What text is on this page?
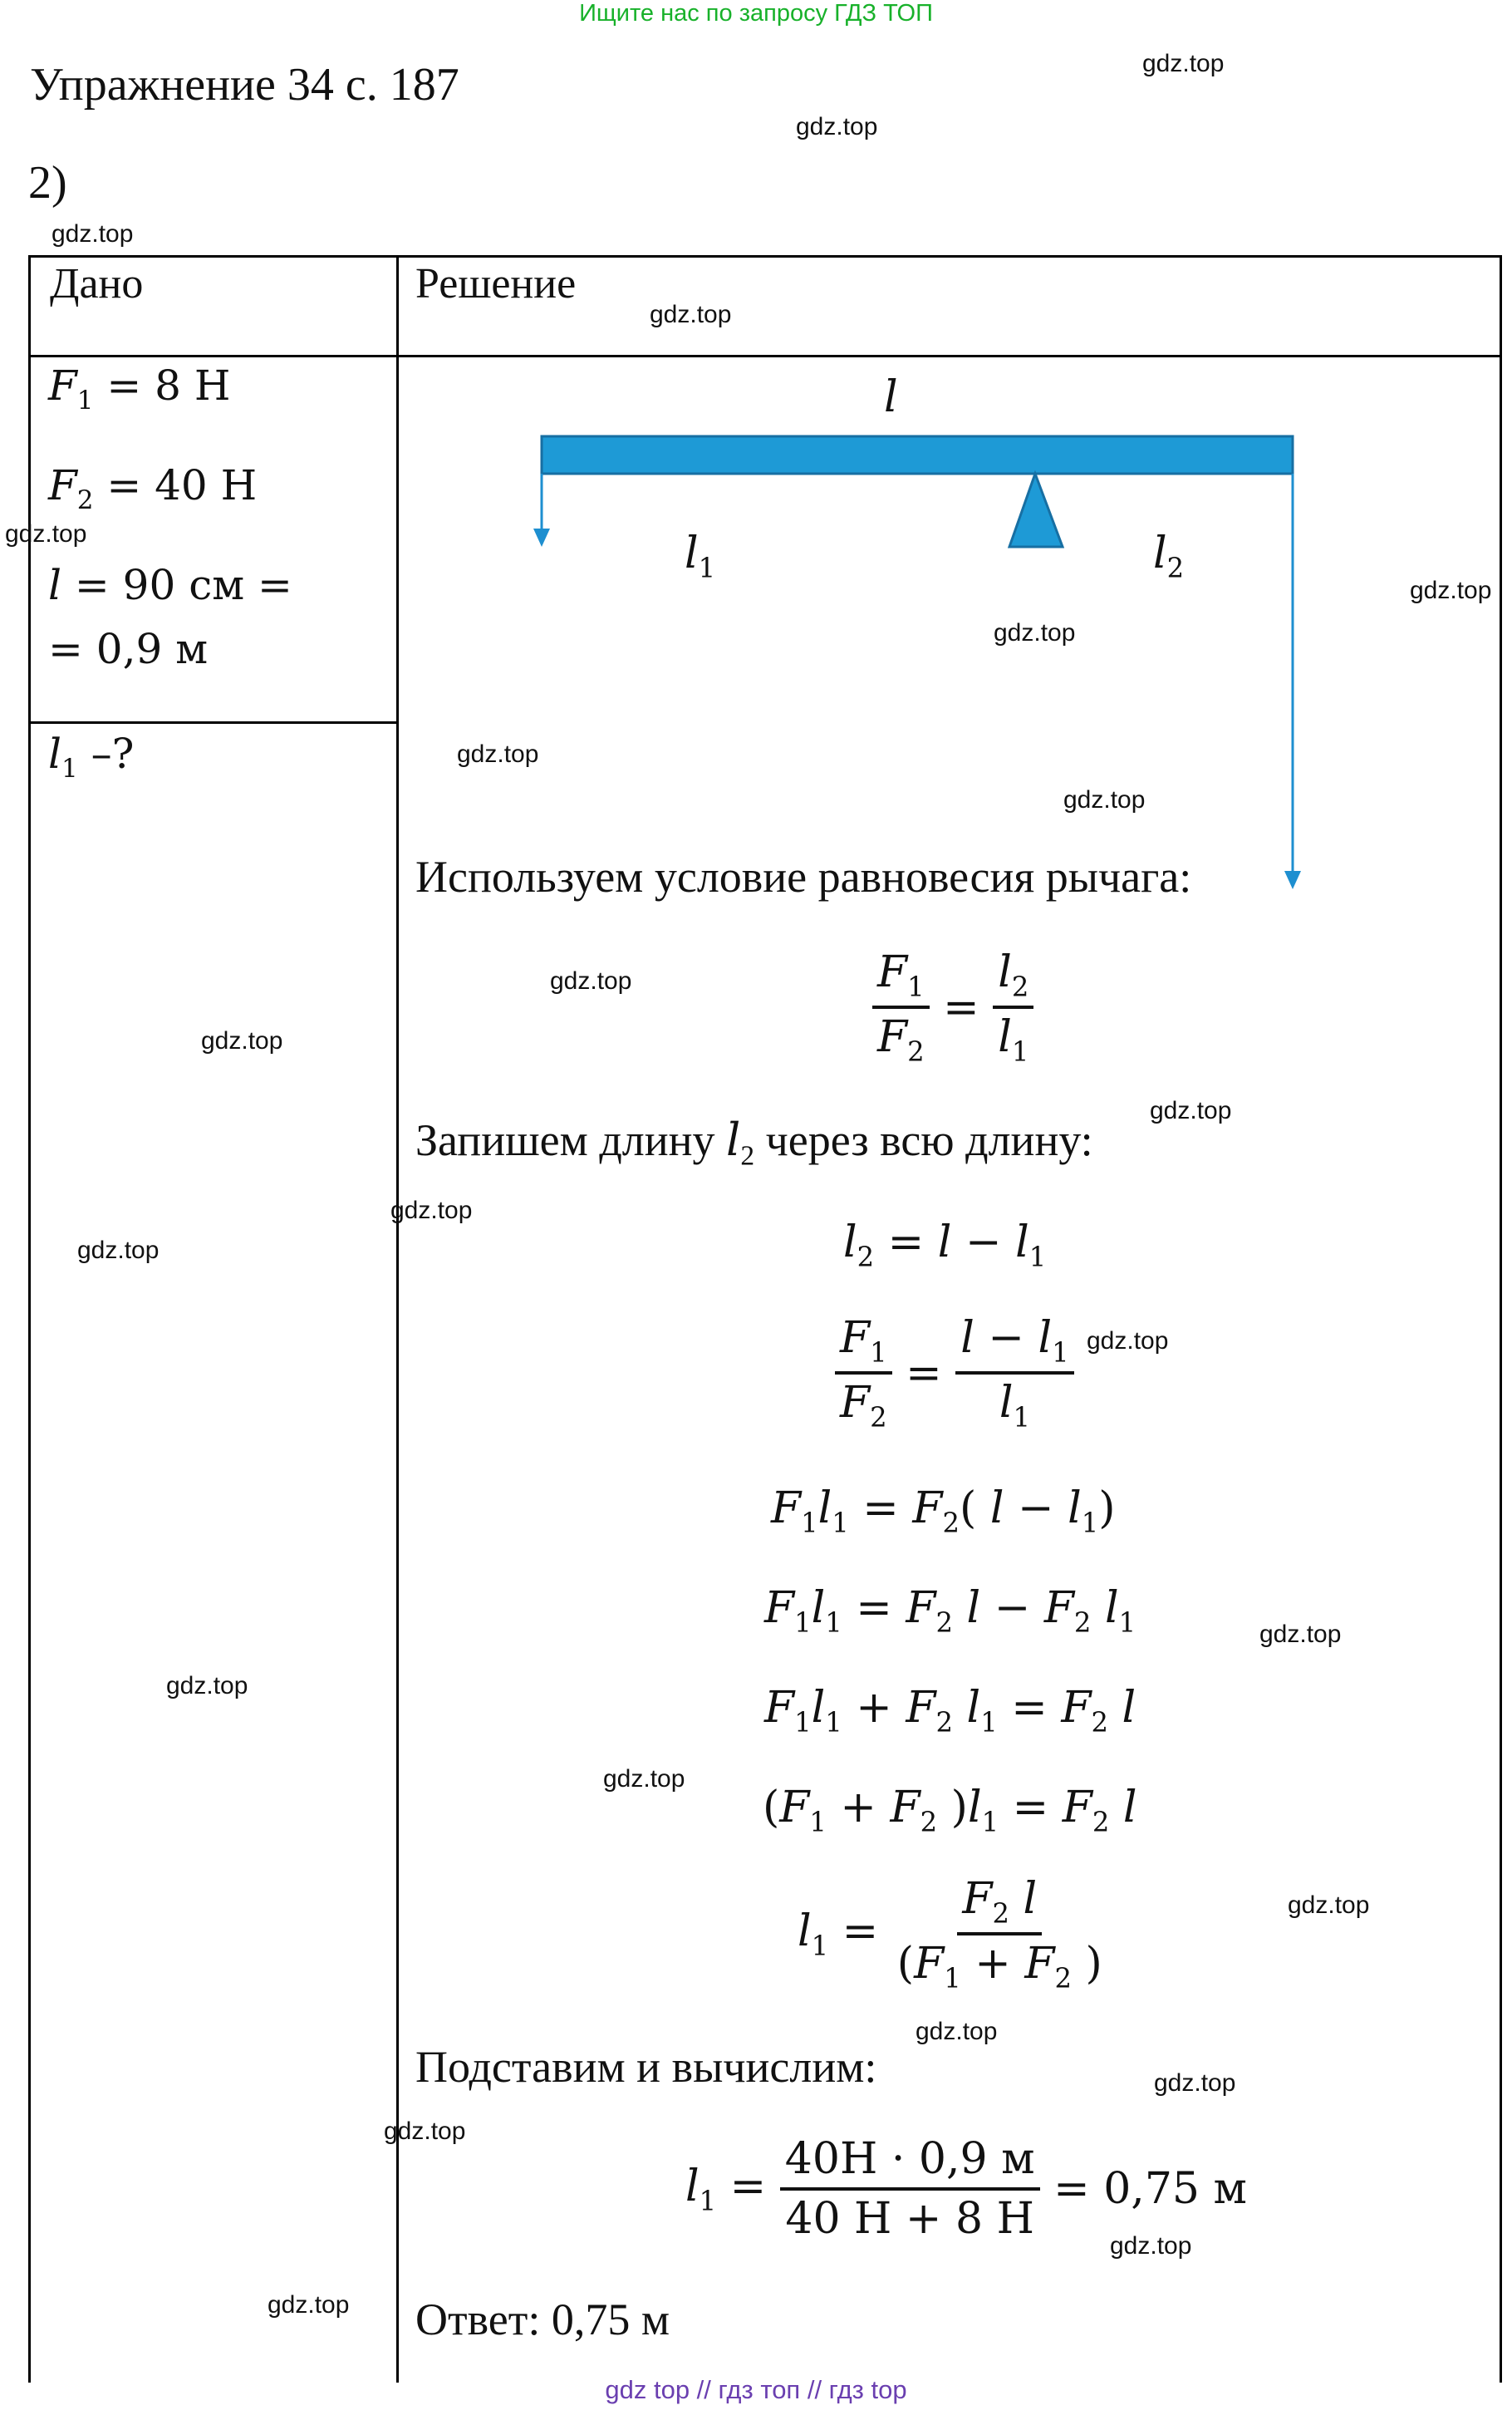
Ищите нас по запросу ГДЗ ТОП
Упражнение 34 с. 187
2)
Дано	Решение
$F_1 = 8$ Н
$F_2 = 40$ Н
l = 90 см =
= 0,9 м
$l_1$ –?
l
$l_1$	$l_2$
Используем условие равновесия рычага:
$\frac{F_1}{F_2} = \frac{l_2}{l_1}$
Запишем длину $l_2$ через всю длину:
$l_2 = l - l_1$
$\frac{F_1}{F_2} = \frac{l - l_1}{l_1}$
$F_1l_1 = F_2$( $l - l_1$)
$F_1l_1 = F_2$ $l - F_2$ $l_1$
$F_1l_1 + F_2$ $l_1 = F_2$ l
($F_1 + F_2$ )$l_1 = F_2$ l
$l_1 = \frac{F_2 l}{(F_1 + F_2 )}$
Подставим и вычислим:
$l_1 = \frac{40Н \cdot 0,9 м}{40 Н + 8 Н} = 0,75$ м
Ответ: 0,75 м
gdz.top
gdz.top
gdz.top
gdz.top
gdz.top
gdz.top
gdz.top
gdz.top
gdz.top
gdz.top
gdz.top
gdz.top
gdz.top
gdz.top
gdz.top
gdz.top
gdz.top
gdz.top
gdz.top
gdz.top
gdz.top
gdz.top
gdz.top
gdz.top
gdz top // гдз топ // гдз top
